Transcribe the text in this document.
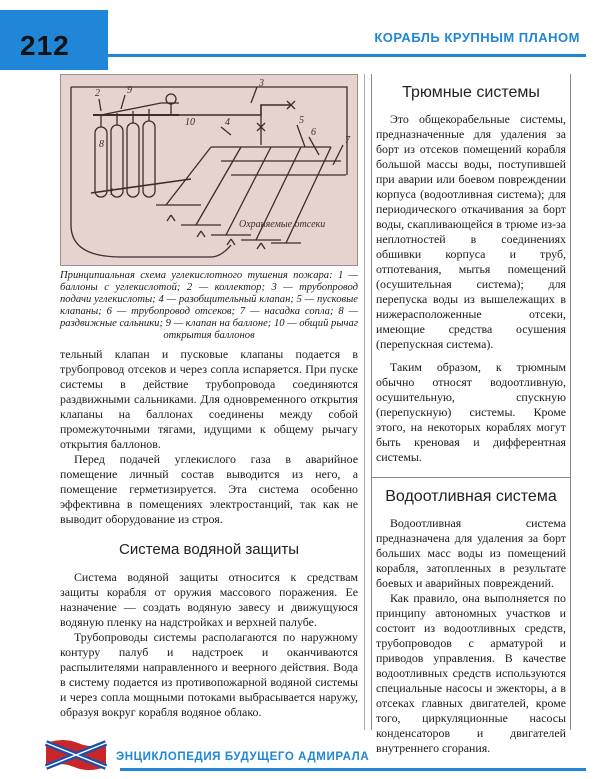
212	КОРАБЛЬ КРУПНЫМ ПЛАНОМ
1
2
3
4	5
6
7
8
9
10
Охраняемые отсеки

Принципиальная схема углекислотного тушения пожара: 1 — баллоны с углекислотой; 2 — коллектор; 3 — трубопровод подачи углекислоты; 4 — разобщительный клапан; 5 — пусковые клапаны; 6 — трубопровод отсеков; 7 — насадка сопла; 8 — раздвижные сальники; 9 — клапан на баллоне; 10 — общий рычаг открытия баллонов

тельный клапан и пусковые клапаны подается в трубопровод отсеков и через сопла испаряется. При пуске системы в действие трубопровода соединяются раздвижными сальниками. Для одновременного открытия клапаны на баллонах соединены между собой промежуточными тягами, идущими к общему рычагу открытия баллонов.

Перед подачей углекислого газа в аварийное помещение личный состав выводится из него, а помещение герметизируется. Эта система особенно эффективна в помещениях электростанций, так как не выводит оборудование из строя.

Система водяной защиты

Система водяной защиты относится к средствам защиты корабля от оружия массового поражения. Ее назначение — создать водяную завесу и движущуюся водяную пленку на надстройках и верхней палубе.

Трубопроводы системы располагаются по наружному контуру палуб и надстроек и оканчиваются распылителями направленного и веерного действия. Вода в систему подается из противопожарной водяной системы и через сопла мощными потоками выбрасывается наружу, образуя вокруг корабля водяное облако.

Трюмные системы

Это общекорабельные системы, предназначенные для удаления за борт из отсеков помещений корабля большой массы воды, поступившей при аварии или боевом повреждении корпуса (водоотливная система); для периодического откачивания за борт воды, скапливающейся в трюме из-за неплотностей в соединениях обшивки корпуса и труб, отпотевания, мытья помещений (осушительная система); для перепуска воды из вышележащих в нижерасположенные отсеки, имеющие средства осушения (перепускная система).

Таким образом, к трюмным обычно относят водоотливную, осушительную, спускную (перепускную) системы. Кроме этого, на некоторых кораблях могут быть креновая и дифферентная системы.

Водоотливная система

Водоотливная система предназначена для удаления за борт больших масс воды из помещений корабля, затопленных в результате боевых и аварийных повреждений.

Как правило, она выполняется по принципу автономных участков и состоит из водоотливных средств, трубопроводов с арматурой и приводов управления. В качестве водоотливных средств используются специальные насосы и эжекторы, а в отсеках главных двигателей, кроме того, циркуляционные насосы конденсаторов и двигателей внутреннего сгорания.

ЭНЦИКЛОПЕДИЯ БУДУЩЕГО АДМИРАЛА
